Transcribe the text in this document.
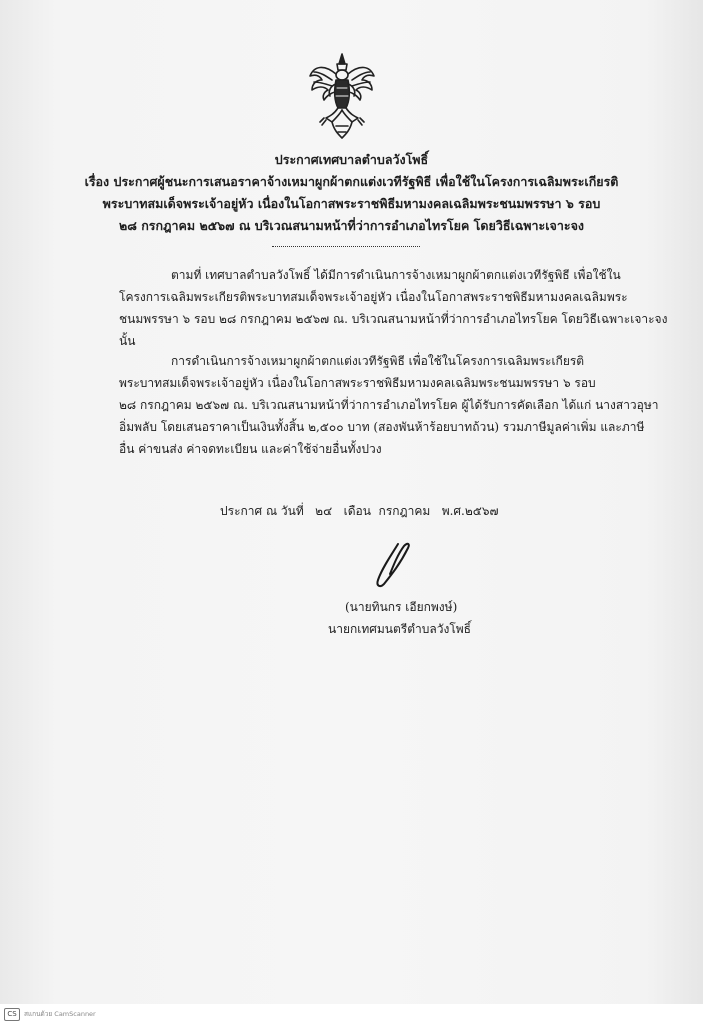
ประกาศเทศบาลตำบลวังโพธิ์
เรื่อง ประกาศผู้ชนะการเสนอราคาจ้างเหมาผูกผ้าตกแต่งเวทีรัฐพิธี เพื่อใช้ในโครงการเฉลิมพระเกียรติ
พระบาทสมเด็จพระเจ้าอยู่หัว เนื่องในโอกาสพระราชพิธีมหามงคลเฉลิมพระชนมพรรษา ๖ รอบ
๒๘ กรกฎาคม ๒๕๖๗ ณ บริเวณสนามหน้าที่ว่าการอำเภอไทรโยค โดยวิธีเฉพาะเจาะจง
ตามที่ เทศบาลตำบลวังโพธิ์ ได้มีการดำเนินการจ้างเหมาผูกผ้าตกแต่งเวทีรัฐพิธี เพื่อใช้ใน
โครงการเฉลิมพระเกียรติพระบาทสมเด็จพระเจ้าอยู่หัว เนื่องในโอกาสพระราชพิธีมหามงคลเฉลิมพระ
ชนมพรรษา ๖ รอบ ๒๘ กรกฎาคม ๒๕๖๗ ณ. บริเวณสนามหน้าที่ว่าการอำเภอไทรโยค โดยวิธีเฉพาะเจาะจง
นั้น
การดำเนินการจ้างเหมาผูกผ้าตกแต่งเวทีรัฐพิธี เพื่อใช้ในโครงการเฉลิมพระเกียรติ
พระบาทสมเด็จพระเจ้าอยู่หัว เนื่องในโอกาสพระราชพิธีมหามงคลเฉลิมพระชนมพรรษา ๖ รอบ
๒๘ กรกฎาคม ๒๕๖๗ ณ. บริเวณสนามหน้าที่ว่าการอำเภอไทรโยค ผู้ได้รับการคัดเลือก ได้แก่ นางสาวอุษา
อิ่มพลับ โดยเสนอราคาเป็นเงินทั้งสิ้น ๒,๕๐๐ บาท (สองพันห้าร้อยบาทถ้วน) รวมภาษีมูลค่าเพิ่ม และภาษี
อื่น ค่าขนส่ง ค่าจดทะเบียน และค่าใช้จ่ายอื่นทั้งปวง
ประกาศ ณ วันที่   ๒๔   เดือน  กรกฎาคม   พ.ศ.๒๕๖๗
(นายทินกร เอียกพงษ์)
นายกเทศมนตรีตำบลวังโพธิ์
CS	สแกนด้วย CamScanner
